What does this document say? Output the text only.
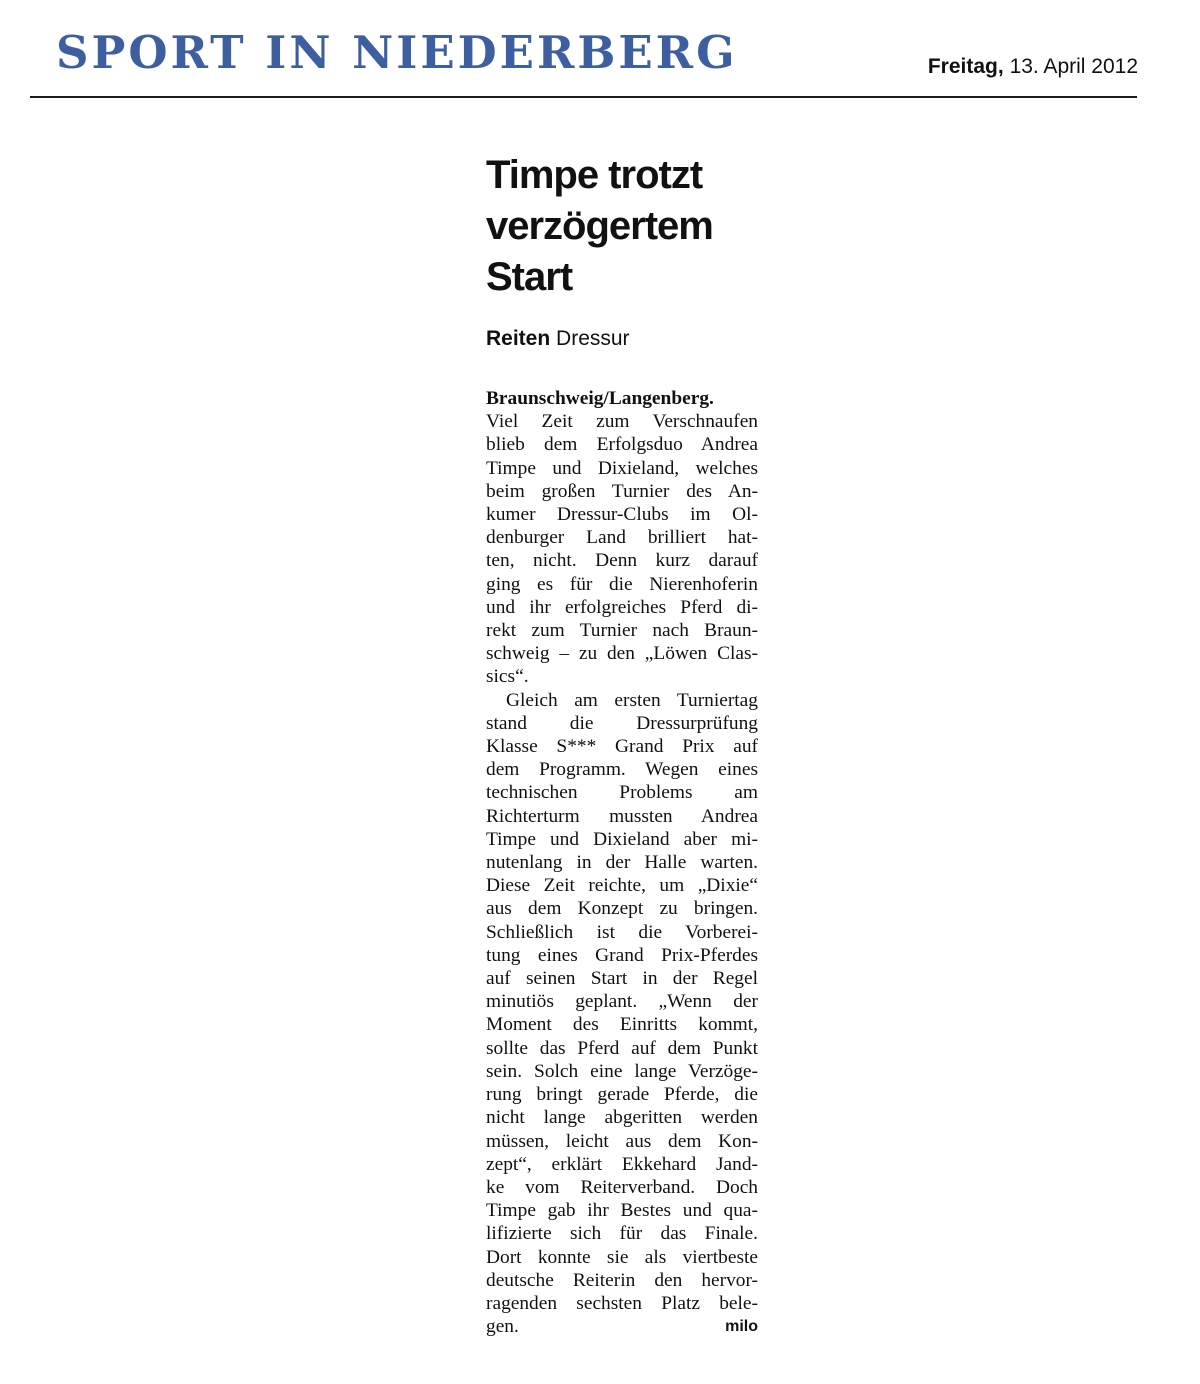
SPORT IN NIEDERBERG	Freitag, 13. April 2012
Timpe trotzt
verzögertem
Start
Reiten Dressur
Braunschweig/Langenberg.
Viel Zeit zum Verschnaufen
blieb dem Erfolgsduo Andrea
Timpe und Dixieland, welches
beim großen Turnier des An-
kumer Dressur-Clubs im Ol-
denburger Land brilliert hat-
ten, nicht. Denn kurz darauf
ging es für die Nierenhoferin
und ihr erfolgreiches Pferd di-
rekt zum Turnier nach Braun-
schweig – zu den „Löwen Clas-
sics“.
Gleich am ersten Turniertag
stand die Dressurprüfung
Klasse S*** Grand Prix auf
dem Programm. Wegen eines
technischen Problems am
Richterturm mussten Andrea
Timpe und Dixieland aber mi-
nutenlang in der Halle warten.
Diese Zeit reichte, um „Dixie“
aus dem Konzept zu bringen.
Schließlich ist die Vorberei-
tung eines Grand Prix-Pferdes
auf seinen Start in der Regel
minutiös geplant. „Wenn der
Moment des Einritts kommt,
sollte das Pferd auf dem Punkt
sein. Solch eine lange Verzöge-
rung bringt gerade Pferde, die
nicht lange abgeritten werden
müssen, leicht aus dem Kon-
zept“, erklärt Ekkehard Jand-
ke vom Reiterverband. Doch
Timpe gab ihr Bestes und qua-
lifizierte sich für das Finale.
Dort konnte sie als viertbeste
deutsche Reiterin den hervor-
ragenden sechsten Platz bele-
gen.	milo
